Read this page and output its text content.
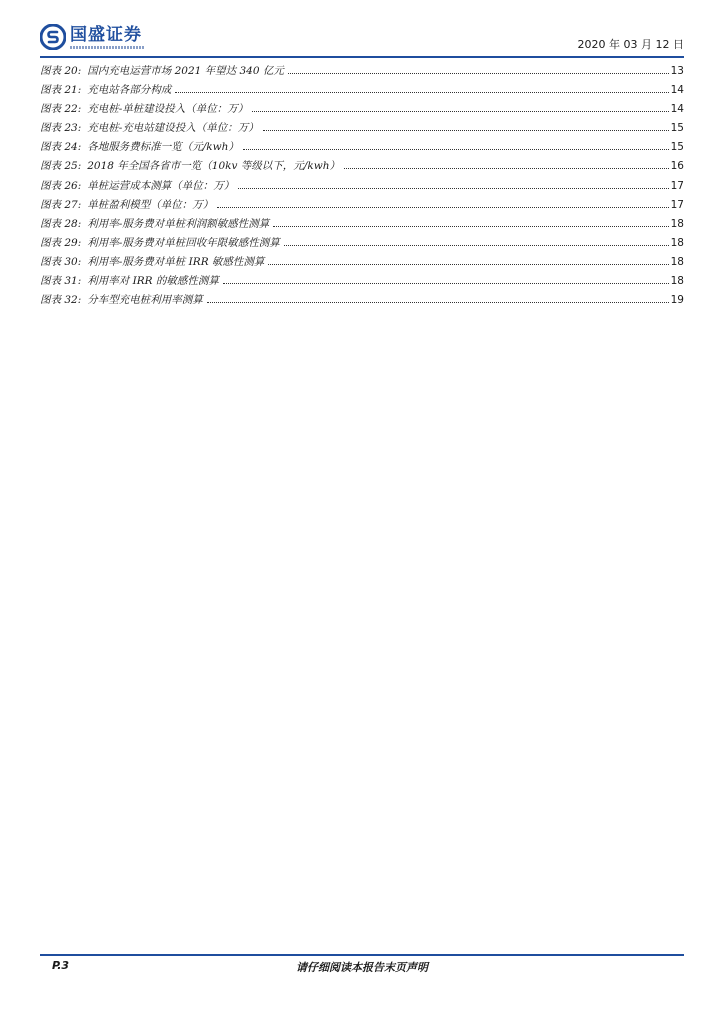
国盛证券	2020 年 03 月 12 日
图表 20: 国内充电运营市场 2021 年望达 340 亿元	13
图表 21: 充电站各部分构成	14
图表 22: 充电桩-单桩建设投入（单位：万）	14
图表 23: 充电桩-充电站建设投入（单位：万）	15
图表 24: 各地服务费标准一览（元/kwh）	15
图表 25: 2018 年全国各省市一览（10kv 等级以下，元/kwh）	16
图表 26: 单桩运营成本测算（单位：万）	17
图表 27: 单桩盈利模型（单位：万）	17
图表 28: 利用率-服务费对单桩利润额敏感性测算	18
图表 29: 利用率-服务费对单桩回收年限敏感性测算	18
图表 30: 利用率-服务费对单桩 IRR 敏感性测算	18
图表 31: 利用率对 IRR 的敏感性测算	18
图表 32: 分车型充电桩利用率测算	19
P.3	请仔细阅读本报告末页声明
